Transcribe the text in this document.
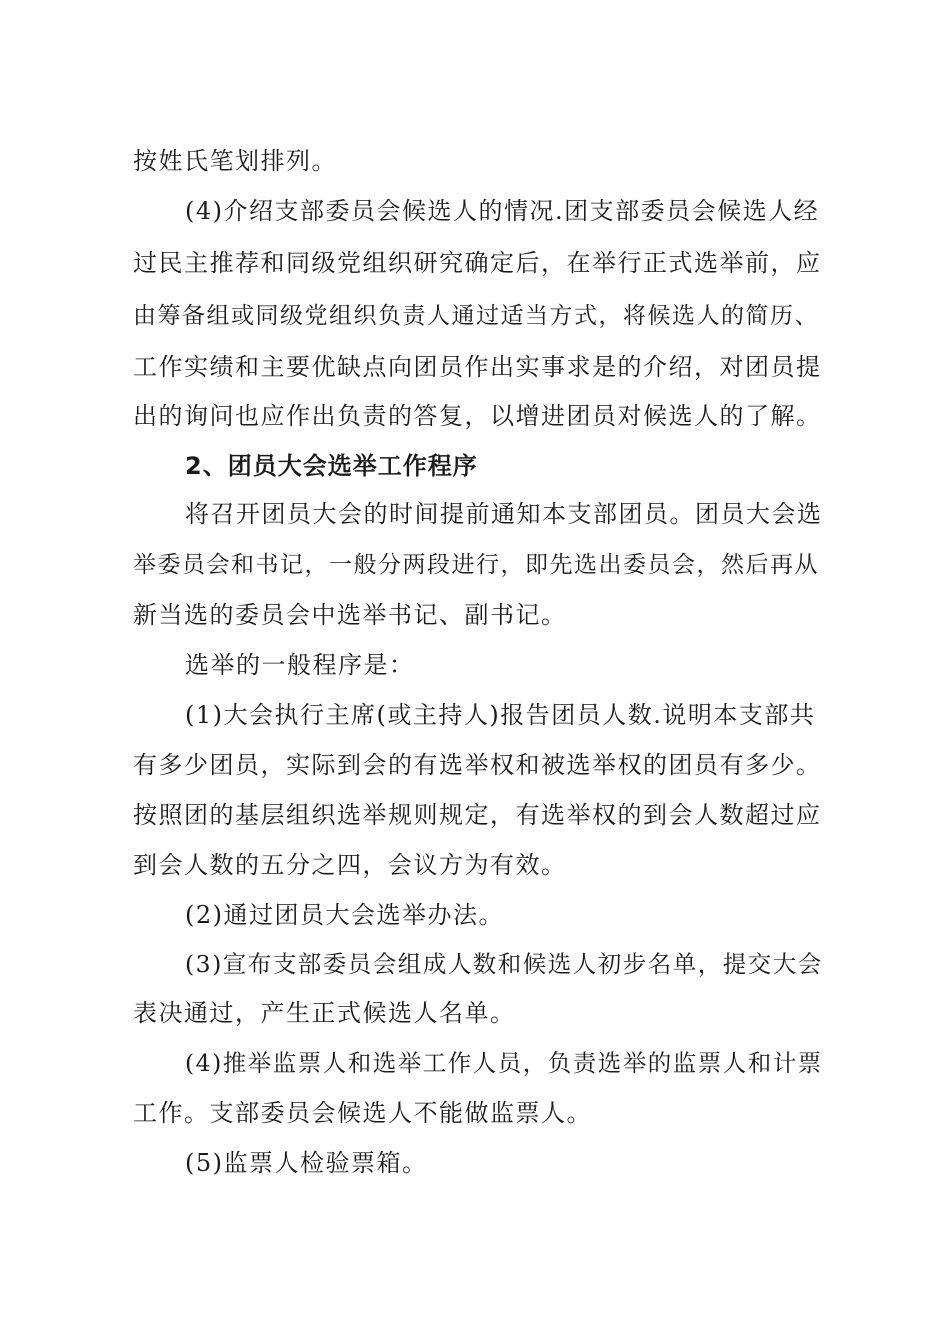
按姓氏笔划排列。
(4)介绍支部委员会候选人的情况.团支部委员会候选人经
过民主推荐和同级党组织研究确定后，在举行正式选举前，应
由筹备组或同级党组织负责人通过适当方式，将候选人的简历、
工作实绩和主要优缺点向团员作出实事求是的介绍，对团员提
出的询问也应作出负责的答复，以增进团员对候选人的了解。
2、团员大会选举工作程序
将召开团员大会的时间提前通知本支部团员。团员大会选
举委员会和书记，一般分两段进行，即先选出委员会，然后再从
新当选的委员会中选举书记、副书记。
选举的一般程序是：
(1)大会执行主席(或主持人)报告团员人数.说明本支部共
有多少团员，实际到会的有选举权和被选举权的团员有多少。
按照团的基层组织选举规则规定，有选举权的到会人数超过应
到会人数的五分之四，会议方为有效。
(2)通过团员大会选举办法。
(3)宣布支部委员会组成人数和候选人初步名单，提交大会
表决通过，产生正式候选人名单。
(4)推举监票人和选举工作人员，负责选举的监票人和计票
工作。支部委员会候选人不能做监票人。
(5)监票人检验票箱。
